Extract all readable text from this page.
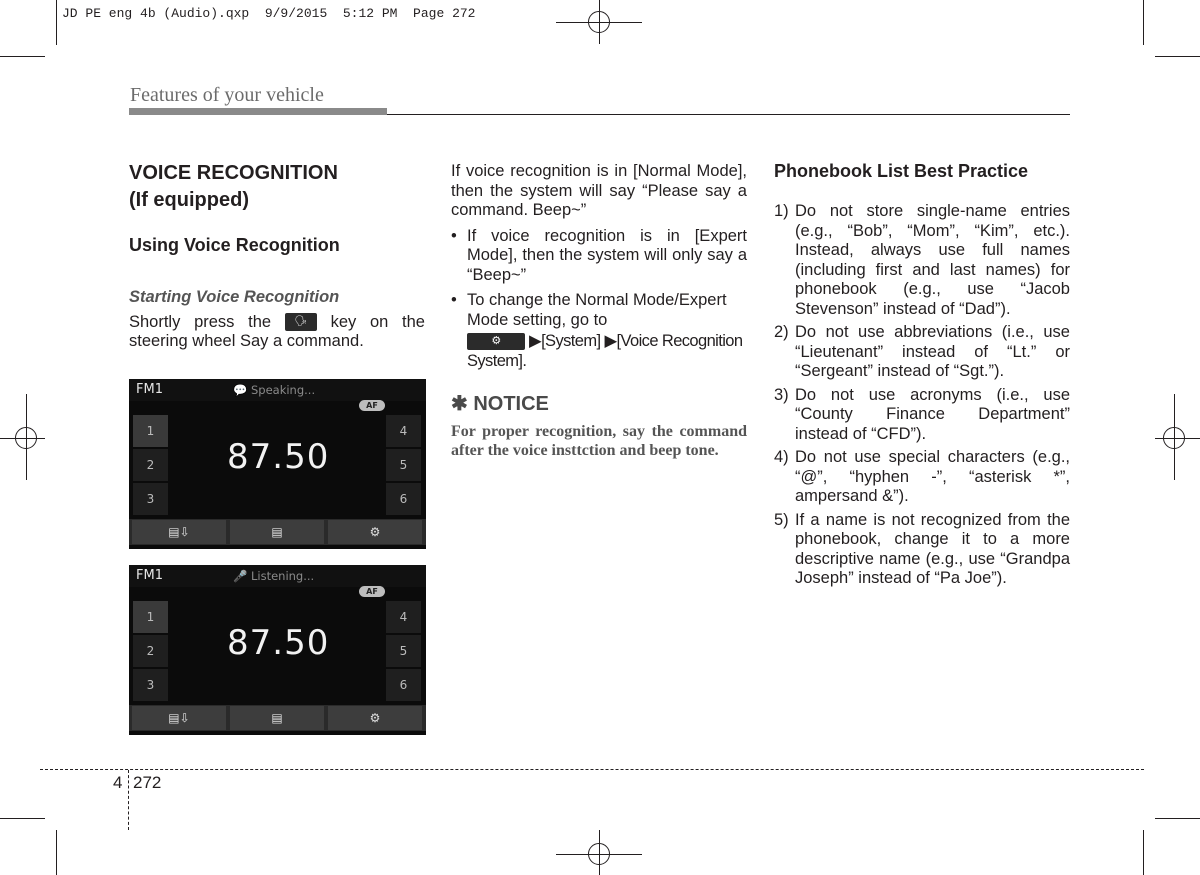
JD PE eng 4b (Audio).qxp  9/9/2015  5:12 PM  Page 272
Features of your vehicle
VOICE RECOGNITION
(If equipped)
Using Voice Recognition
Starting Voice Recognition
Shortly press the 🗣 key on the steering wheel Say a command.
FM1	💬 Speaking...
AF
1
2
3
4
5
6
87.50
▤⇩	▤	⚙
FM1	🎤 Listening...
AF
1
2
3
4
5
6
87.50
▤⇩	▤	⚙
If voice recognition is in [Normal Mode], then the system will say “Please say a command. Beep~”
• If voice recognition is in [Expert Mode], then the system will only say a “Beep~”
• To change the Normal Mode/Expert Mode setting, go to
⚙ ▶[System] ▶[Voice Recognition System].
✱ NOTICE
For proper recognition, say the command after the voice insttction and beep tone.
Phonebook List Best Practice
1) Do not store single-name entries (e.g., “Bob”, “Mom”, “Kim”, etc.). Instead, always use full names (including first and last names) for phonebook (e.g., use “Jacob Stevenson” instead of “Dad”).
2) Do not use abbreviations (i.e., use “Lieutenant” instead of “Lt.” or “Sergeant” instead of “Sgt.”).
3) Do not use acronyms (i.e., use “County Finance Department” instead of “CFD”).
4) Do not use special characters (e.g., “@”, “hyphen -”, “asterisk *”, ampersand &”).
5) If a name is not recognized from the phonebook, change it to a more descriptive name (e.g., use “Grandpa Joseph” instead of “Pa Joe”).
4 272
